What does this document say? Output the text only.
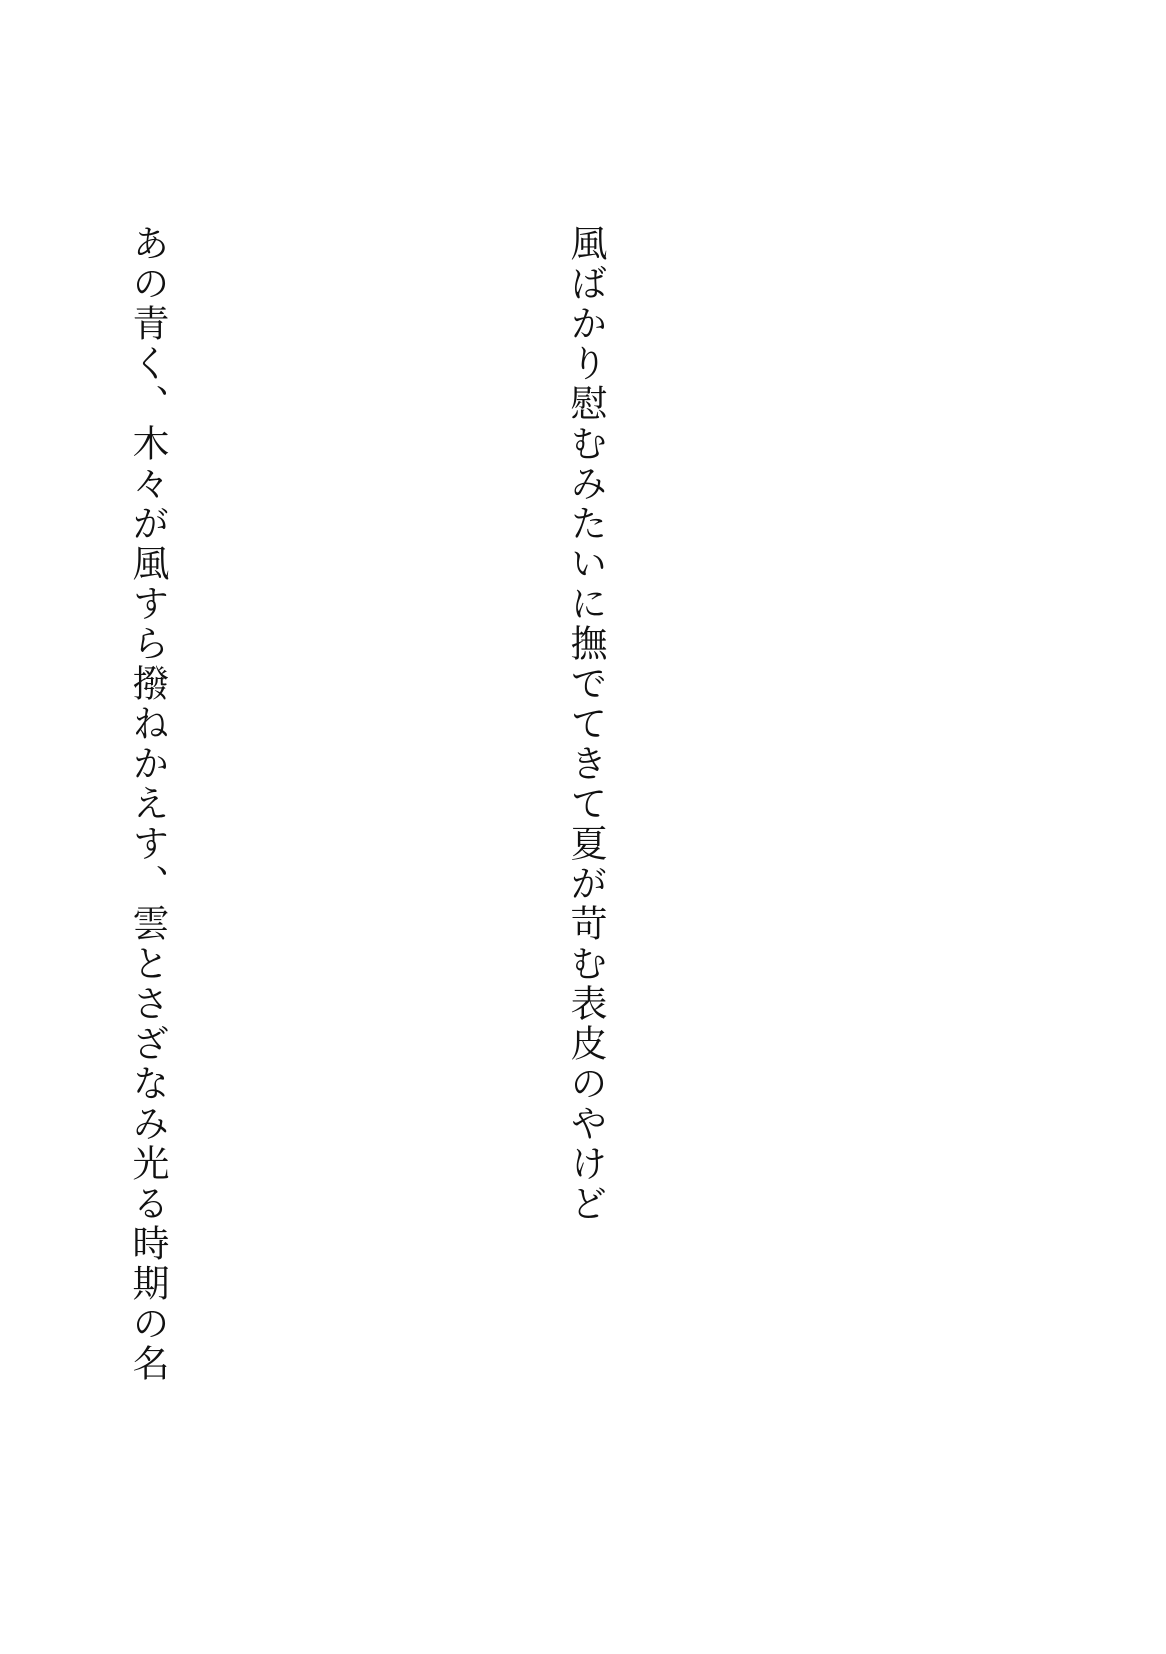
風ばかり慰むみたいに撫でてきて夏が苛む表皮のやけど

あの青く、木々が風すら撥ねかえす、雲とさざなみ光る時期の名
